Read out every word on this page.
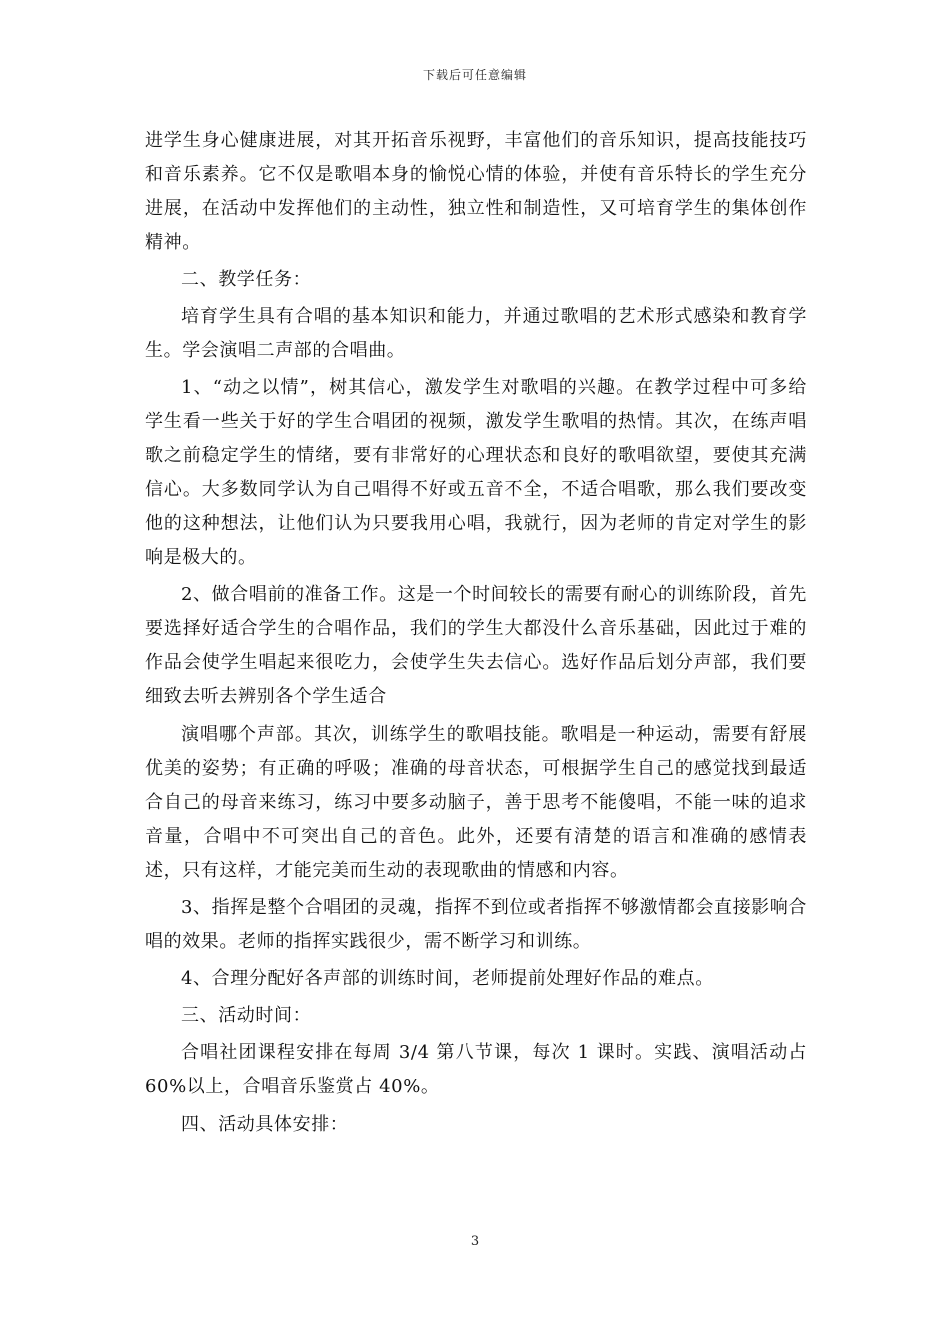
下载后可任意编辑

进学生身心健康进展，对其开拓音乐视野，丰富他们的音乐知识，提高技能技巧和音乐素养。它不仅是歌唱本身的愉悦心情的体验，并使有音乐特长的学生充分进展，在活动中发挥他们的主动性，独立性和制造性，又可培育学生的集体创作精神。

二、教学任务：

培育学生具有合唱的基本知识和能力，并通过歌唱的艺术形式感染和教育学生。学会演唱二声部的合唱曲。

1、“动之以情”，树其信心，激发学生对歌唱的兴趣。在教学过程中可多给学生看一些关于好的学生合唱团的视频，激发学生歌唱的热情。其次，在练声唱歌之前稳定学生的情绪，要有非常好的心理状态和良好的歌唱欲望，要使其充满信心。大多数同学认为自己唱得不好或五音不全，不适合唱歌，那么我们要改变他的这种想法，让他们认为只要我用心唱，我就行，因为老师的肯定对学生的影响是极大的。

2、做合唱前的准备工作。这是一个时间较长的需要有耐心的训练阶段，首先要选择好适合学生的合唱作品，我们的学生大都没什么音乐基础，因此过于难的作品会使学生唱起来很吃力，会使学生失去信心。选好作品后划分声部，我们要细致去听去辨别各个学生适合

演唱哪个声部。其次，训练学生的歌唱技能。歌唱是一种运动，需要有舒展优美的姿势；有正确的呼吸；准确的母音状态，可根据学生自己的感觉找到最适合自己的母音来练习，练习中要多动脑子，善于思考不能傻唱，不能一味的追求音量，合唱中不可突出自己的音色。此外，还要有清楚的语言和准确的感情表述，只有这样，才能完美而生动的表现歌曲的情感和内容。

3、指挥是整个合唱团的灵魂，指挥不到位或者指挥不够激情都会直接影响合唱的效果。老师的指挥实践很少，需不断学习和训练。

4、合理分配好各声部的训练时间，老师提前处理好作品的难点。

三、活动时间：

合唱社团课程安排在每周 3/4 第八节课，每次 1 课时。实践、演唱活动占 60%以上，合唱音乐鉴赏占 40%。

四、活动具体安排：

3
